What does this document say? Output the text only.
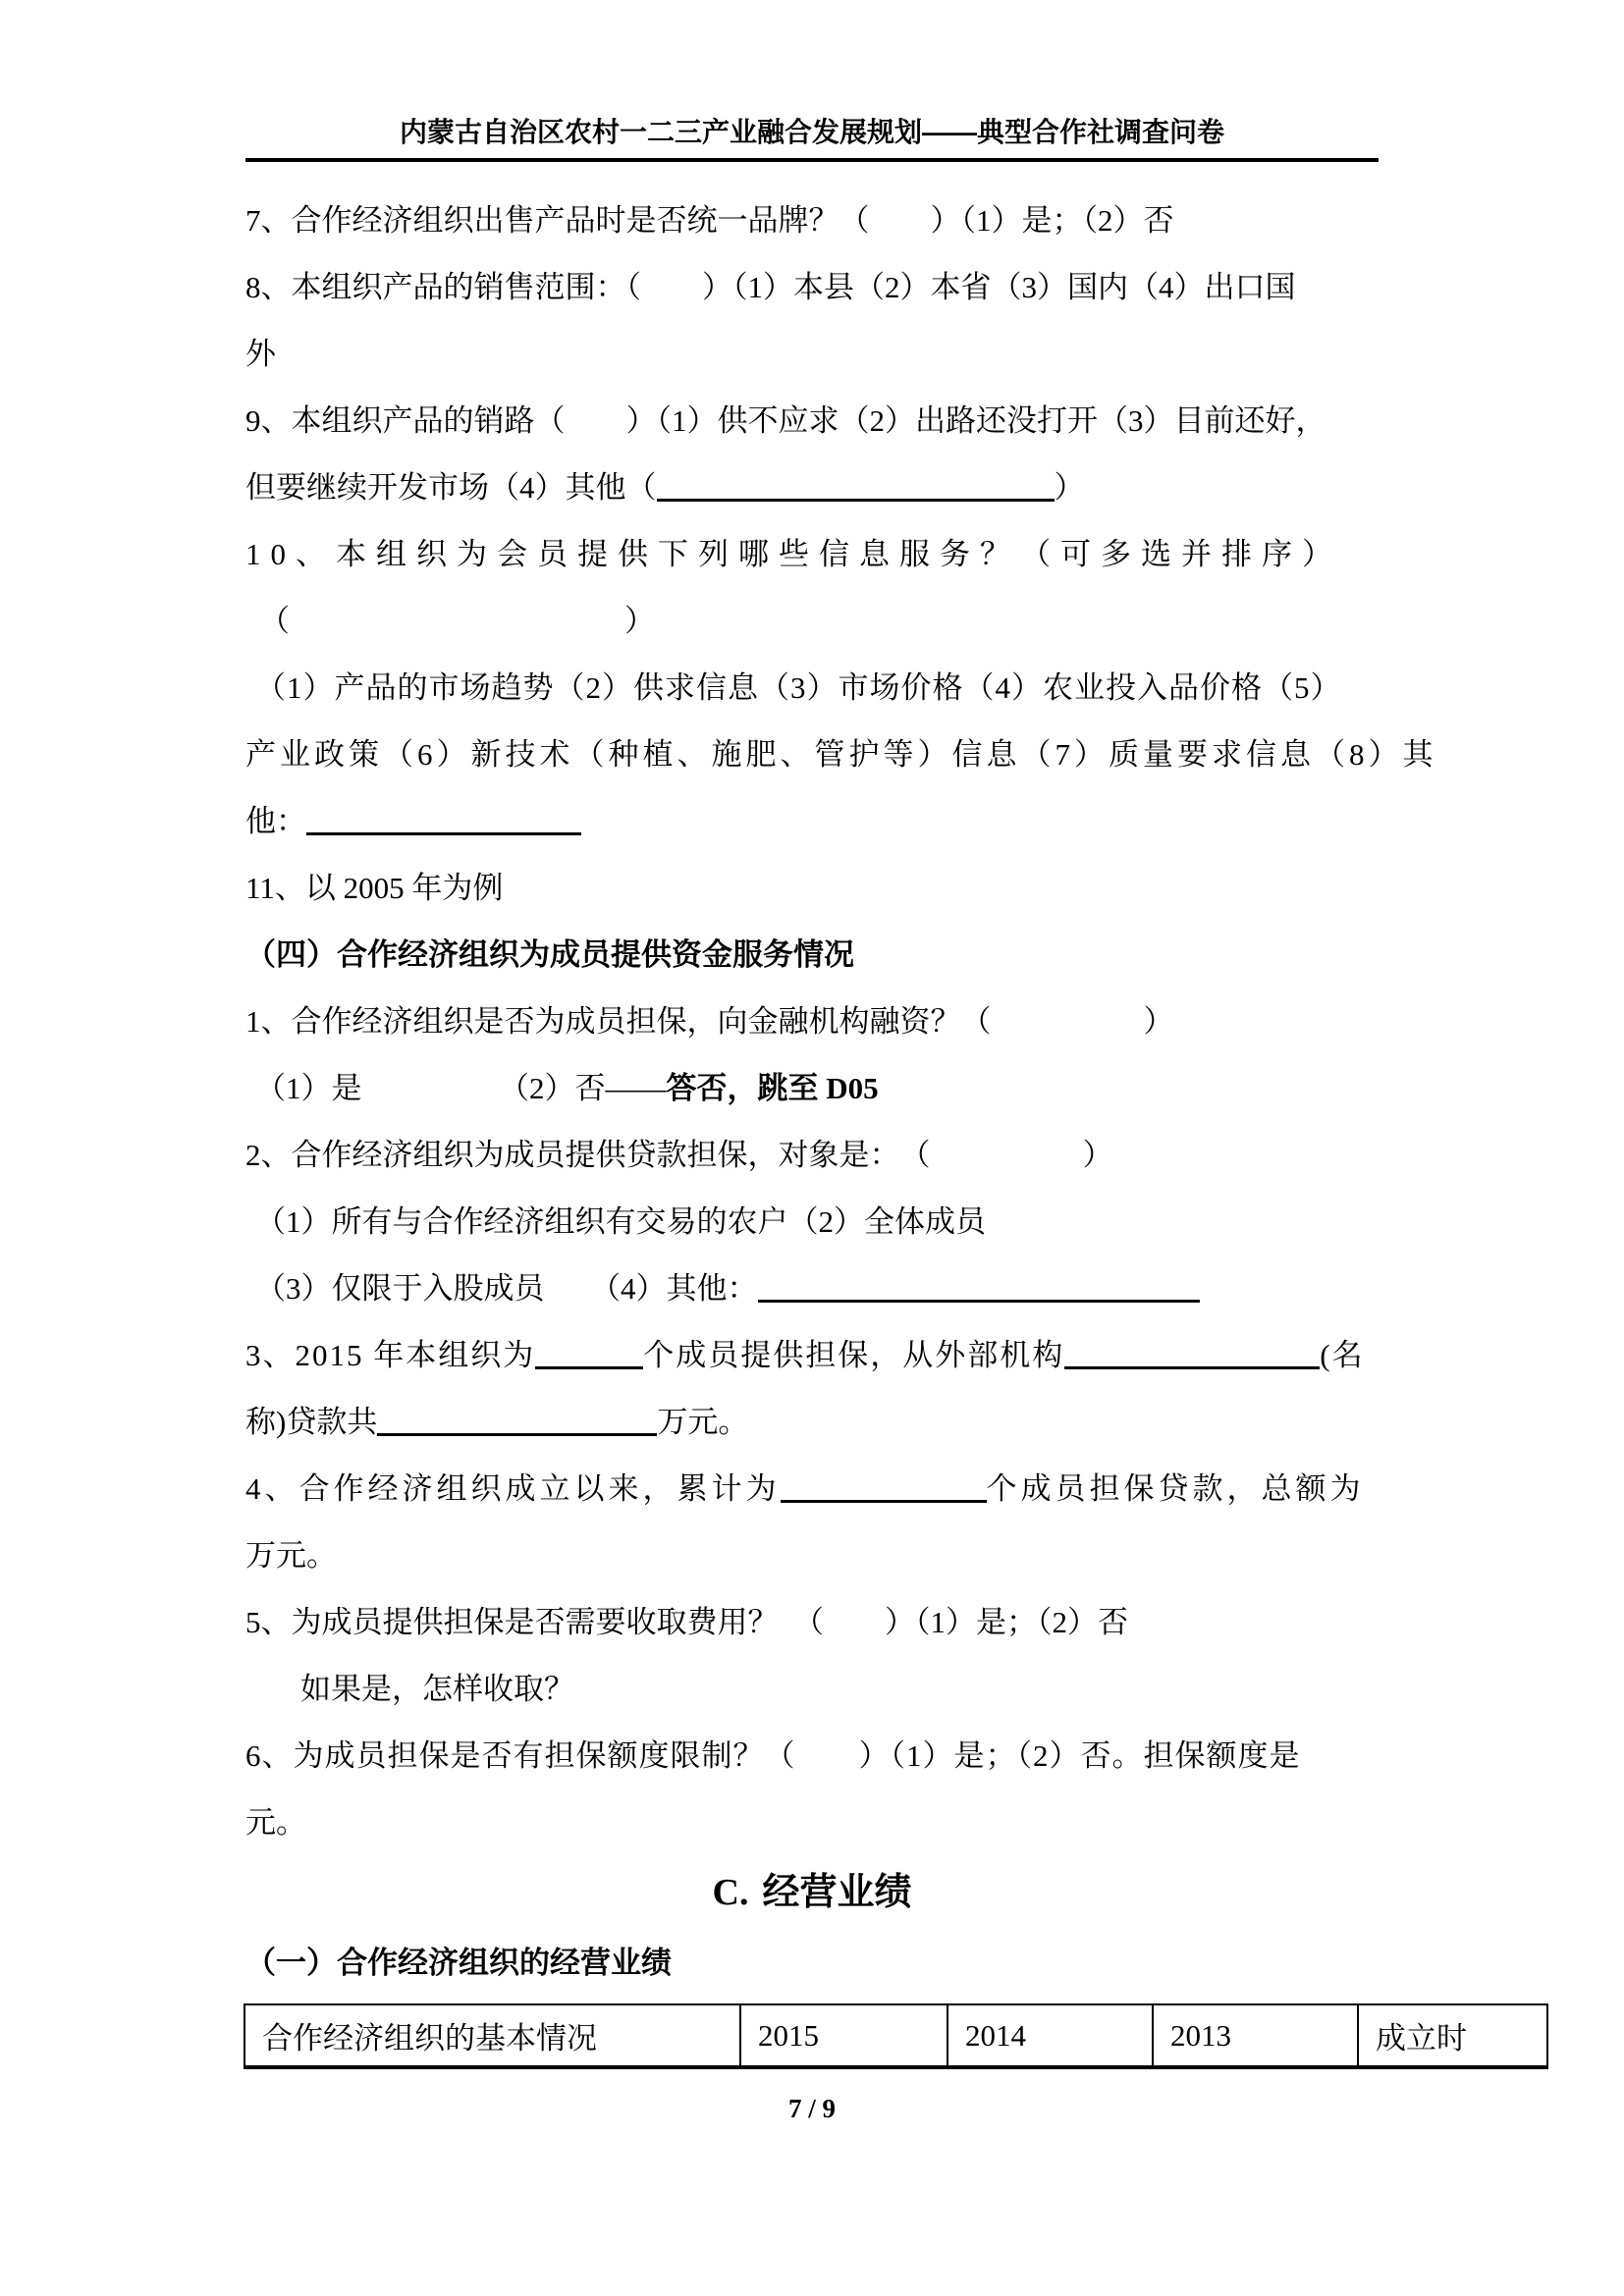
内蒙古自治区农村一二三产业融合发展规划——典型合作社调查问卷
7、合作经济组织出售产品时是否统一品牌？（　　）（1）是；（2）否
8、本组织产品的销售范围：（　　）（1）本县（2）本省（3）国内（4）出口国
外
9、本组织产品的销路（　　）（1）供不应求（2）出路还没打开（3）目前还好，
但要继续开发市场（4）其他（	）
10、本组织为会员提供下列哪些信息服务？（可多选并排序）
（　　　　　　　　　　　）
（1）产品的市场趋势（2）供求信息（3）市场价格（4）农业投入品价格（5）
产业政策（6）新技术（种植、施肥、管护等）信息（7）质量要求信息（8）其
他：
11、以 2005 年为例
（四）合作经济组织为成员提供资金服务情况
1、合作经济组织是否为成员担保，向金融机构融资？（　　　　　）
（1）是　　　　　（2）否——答否，跳至 D05
2、合作经济组织为成员提供贷款担保，对象是：　（　　　　　）
（1）所有与合作经济组织有交易的农户（2）全体成员
（3）仅限于入股成员　　（4）其他：
3、2015 年本组织为	个成员提供担保，从外部机构	(名
称)贷款共	万元。
4、合作经济组织成立以来，累计为	个成员担保贷款，总额为
万元。
5、为成员提供担保是否需要收取费用？　（　　）（1）是；（2）否
如果是，怎样收取？
6、为成员担保是否有担保额度限制？（　　）（1）是；（2）否。担保额度是
元。
C. 经营业绩
（一）合作经济组织的经营业绩
合作经济组织的基本情况	2015	2014	2013	成立时
7 / 9
